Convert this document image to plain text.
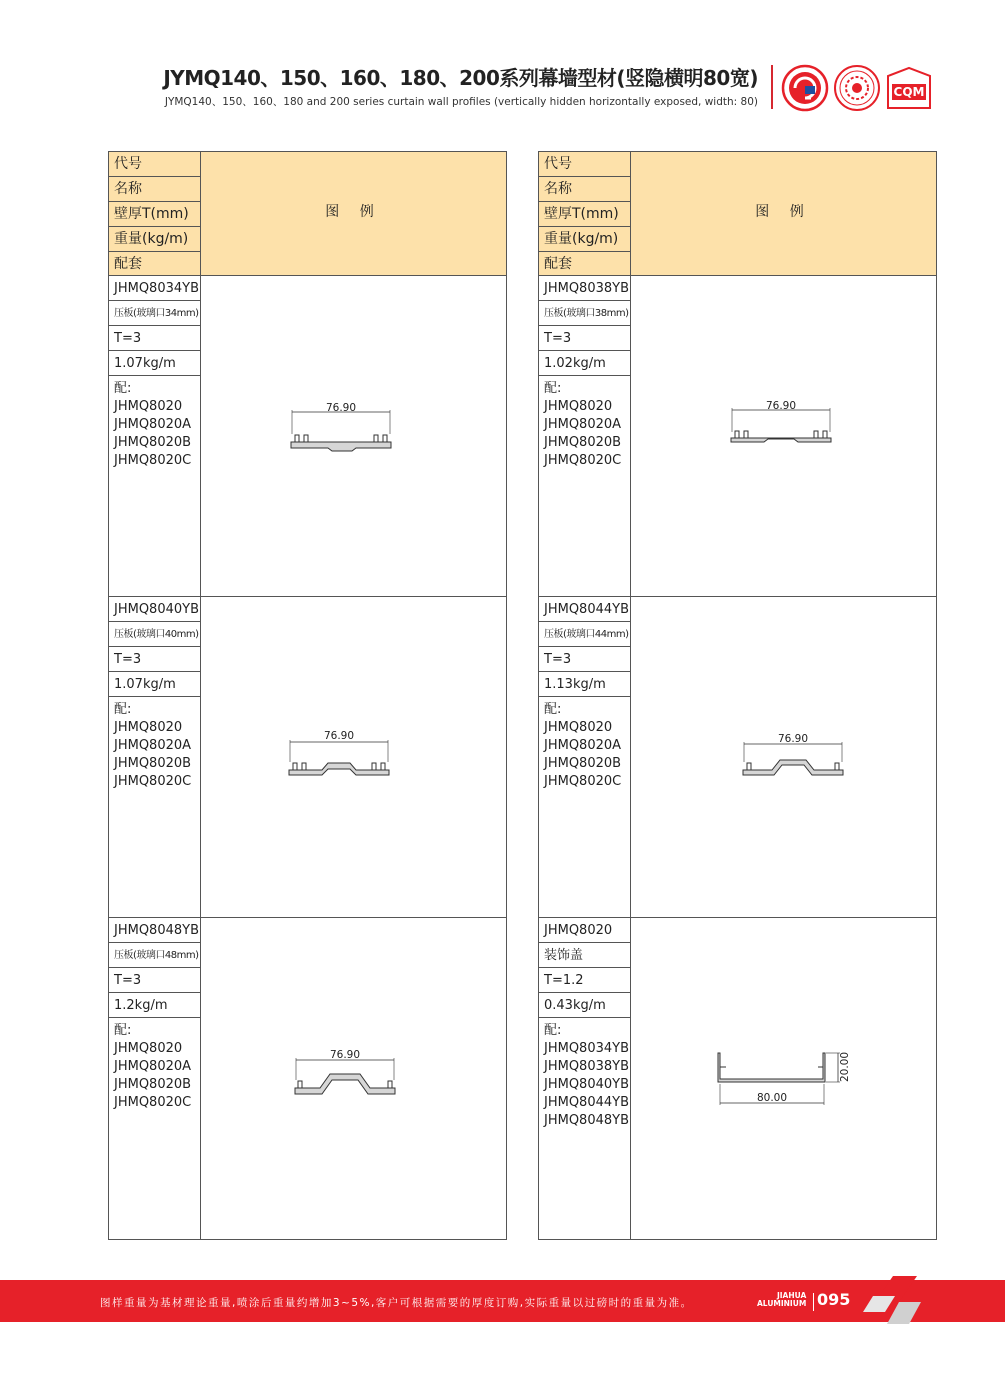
JYMQ140、150、160、180、200系列幕墙型材(竖隐横明80宽)
JYMQ140、150、160、180 and 200 series curtain wall profiles (vertically hidden horizontally exposed, width: 80)
CQM
代号
名称
壁厚T(mm)
重量(kg/m)
配套
图 例
代号
名称
壁厚T(mm)
重量(kg/m)
配套
图 例
JHMQ8034YB
压板(玻璃口34mm)
T=3
1.07kg/m
配:
JHMQ8020
JHMQ8020A
JHMQ8020B
JHMQ8020C
JHMQ8040YB
压板(玻璃口40mm)
T=3
1.07kg/m
配:
JHMQ8020
JHMQ8020A
JHMQ8020B
JHMQ8020C
JHMQ8048YB
压板(玻璃口48mm)
T=3
1.2kg/m
配:
JHMQ8020
JHMQ8020A
JHMQ8020B
JHMQ8020C
JHMQ8038YB
压板(玻璃口38mm)
T=3
1.02kg/m
配:
JHMQ8020
JHMQ8020A
JHMQ8020B
JHMQ8020C
JHMQ8044YB
压板(玻璃口44mm)
T=3
1.13kg/m
配:
JHMQ8020
JHMQ8020A
JHMQ8020B
JHMQ8020C
JHMQ8020
装饰盖
T=1.2
0.43kg/m
配:
JHMQ8034YB
JHMQ8038YB
JHMQ8040YB
JHMQ8044YB
JHMQ8048YB
76.90
76.90
76.90
76.90
76.90
20.00
80.00
图样重量为基材理论重量,喷涂后重量约增加3~5%,客户可根据需要的厚度订购,实际重量以过磅时的重量为准。
JIAHUA
ALUMINIUM 095
